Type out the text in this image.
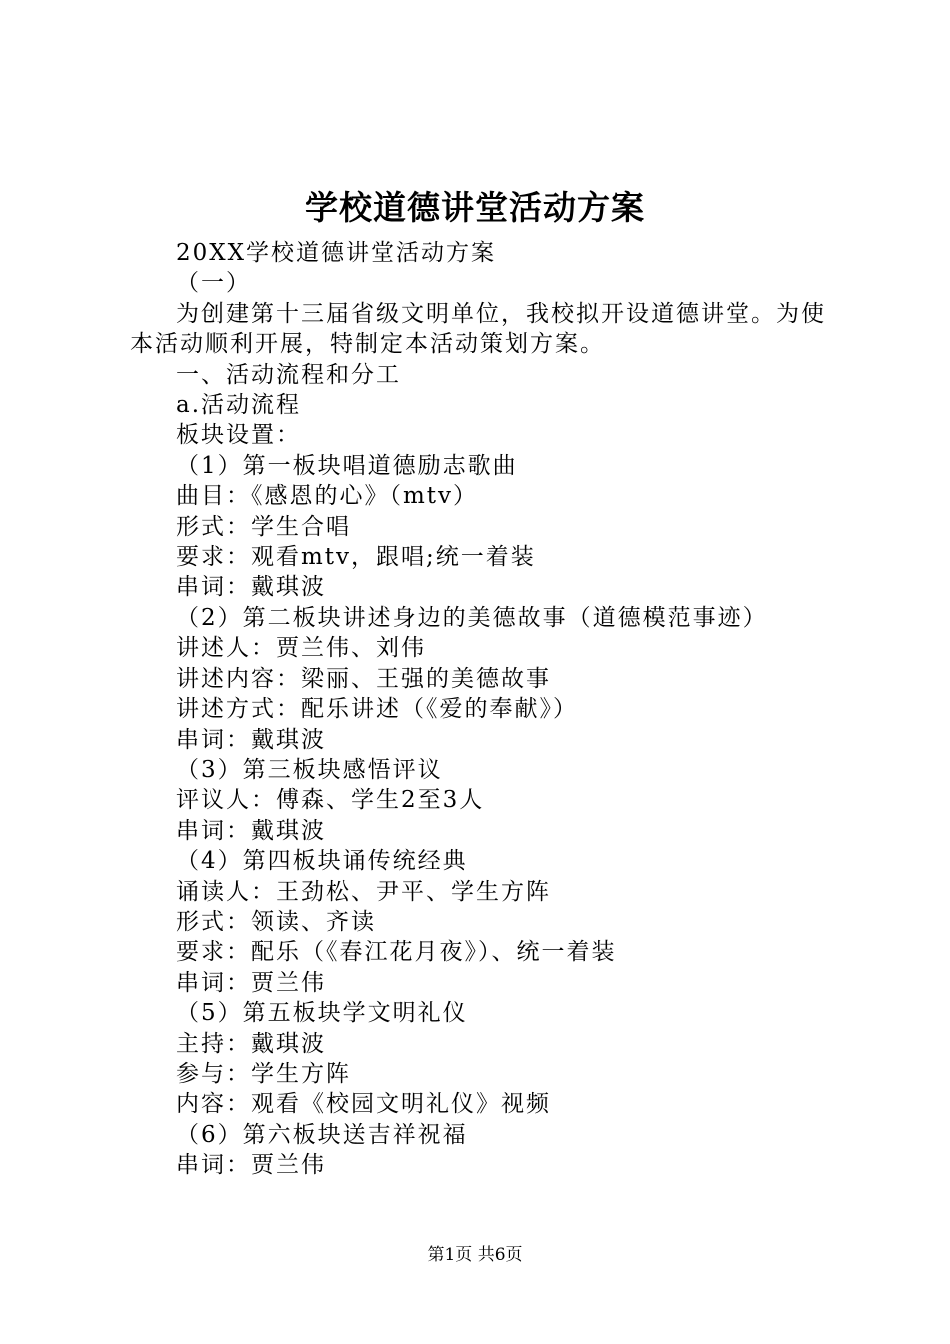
学校道德讲堂活动方案
20XX学校道德讲堂活动方案
（一）
为创建第十三届省级文明单位，我校拟开设道德讲堂。为使本活动顺利开展，特制定本活动策划方案。
一、活动流程和分工
a.活动流程
板块设置：
（1）第一板块唱道德励志歌曲
曲目：《感恩的心》（mtv）
形式：学生合唱
要求：观看mtv，跟唱;统一着装
串词：戴琪波
（2）第二板块讲述身边的美德故事（道德模范事迹）
讲述人：贾兰伟、刘伟
讲述内容：梁丽、王强的美德故事
讲述方式：配乐讲述（《爱的奉献》）
串词：戴琪波
（3）第三板块感悟评议
评议人：傅森、学生2至3人
串词：戴琪波
（4）第四板块诵传统经典
诵读人：王劲松、尹平、学生方阵
形式：领读、齐读
要求：配乐（《春江花月夜》）、统一着装
串词：贾兰伟
（5）第五板块学文明礼仪
主持：戴琪波
参与：学生方阵
内容：观看《校园文明礼仪》视频
（6）第六板块送吉祥祝福
串词：贾兰伟
第1页 共6页
